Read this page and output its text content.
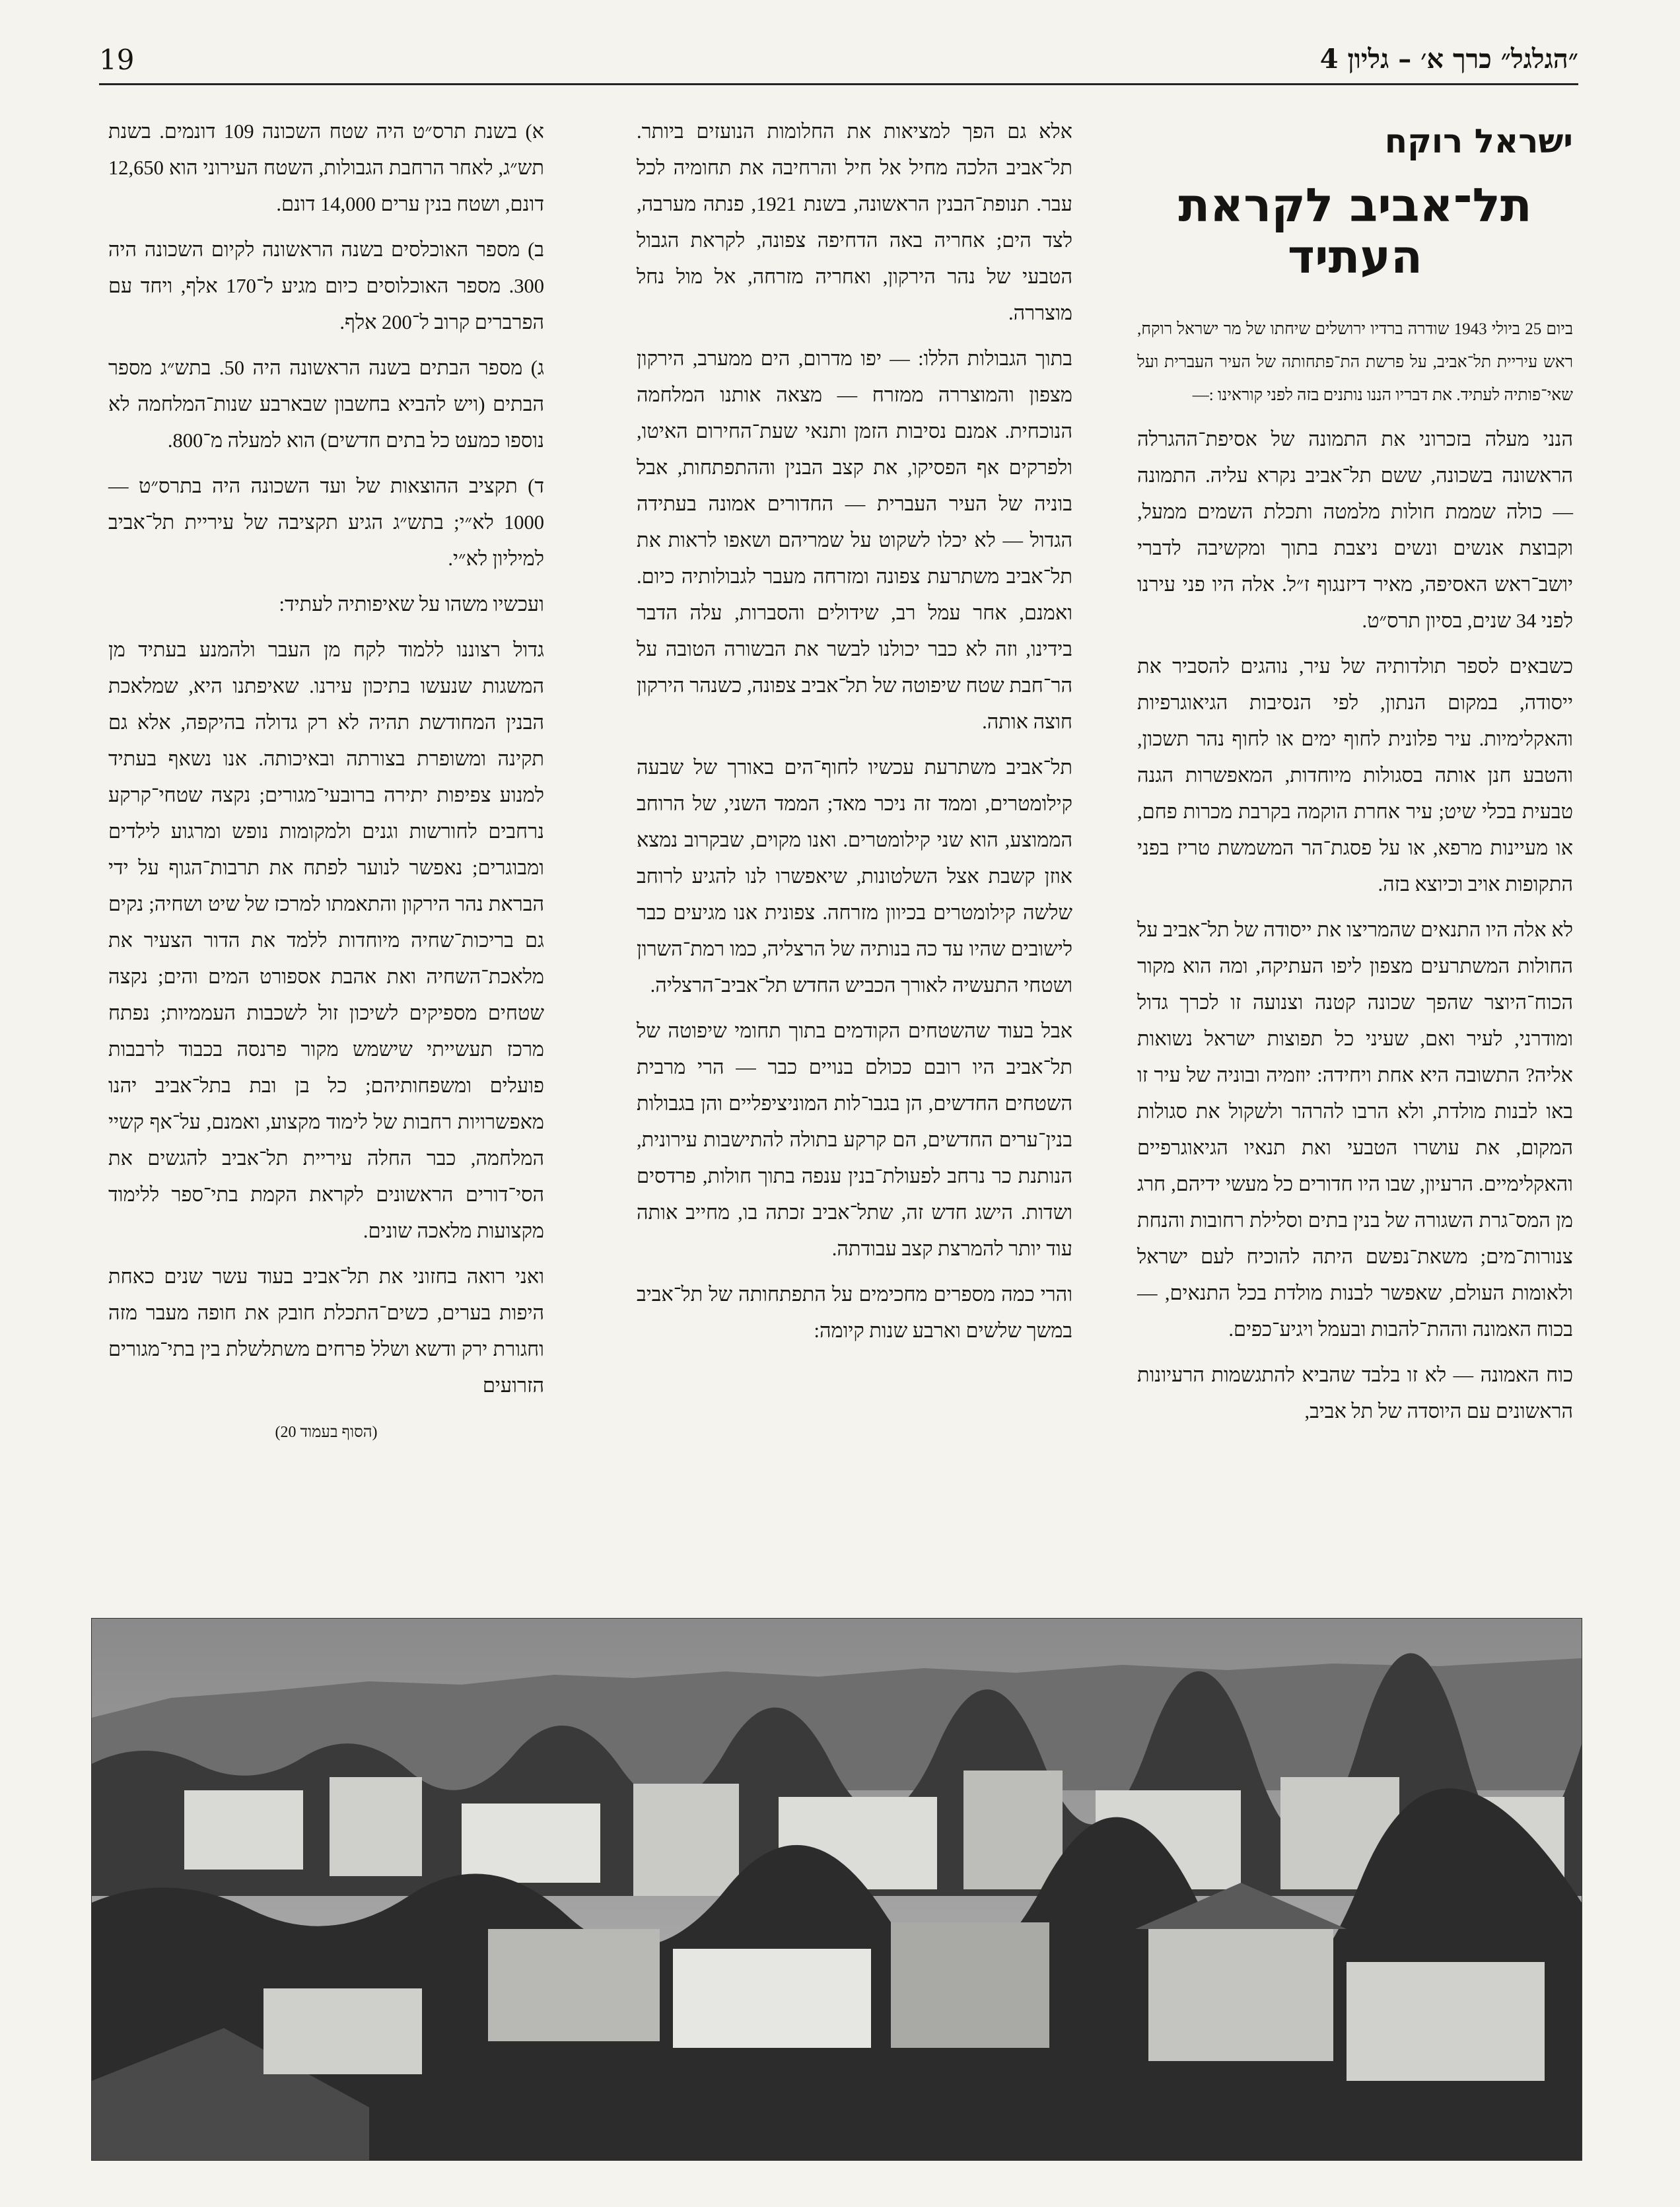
19	״הגלגל״ כרך א׳ – גליון 4
ישראל רוקח
תל־אביב לקראת העתיד

ביום 25 ביולי 1943 שודרה ברדיו ירושלים שיחתו של מר ישראל רוקח, ראש עיריית תל־אביב, על פרשת הת־פתחותה של העיר העברית ועל שאי־פותיה לעתיד. את דבריו הננו נותנים בזה לפני קוראינו :—

הנני מעלה בזכרוני את התמונה של אסיפת־ההגרלה הראשונה בשכונה, ששם תל־אביב נקרא עליה. התמונה — כולה שממת חולות מלמטה ותכלת השמים ממעל, וקבוצת אנשים ונשים ניצבת בתוך ומקשיבה לדברי יושב־ראש האסיפה, מאיר דיזנגוף ז״ל. אלה היו פני עירנו לפני 34 שנים, בסיון תרס״ט.

כשבאים לספר תולדותיה של עיר, נוהגים להסביר את ייסודה, במקום הנתון, לפי הנסיבות הגיאוגרפיות והאקלימיות. עיר פלונית לחוף ימים או לחוף נהר תשכון, והטבע חנן אותה בסגולות מיוחדות, המאפשרות הגנה טבעית בכלי שיט; עיר אחרת הוקמה בקרבת מכרות פחם, או מעיינות מרפא, או על פסגת־הר המשמשת טריז בפני התקופות אויב וכיוצא בזה.

לא אלה היו התנאים שהמריצו את ייסודה של תל־אביב על החולות המשתרעים מצפון ליפו העתיקה, ומה הוא מקור הכוח־היוצר שהפך שכונה קטנה וצנועה זו לכרך גדול ומודרני, לעיר ואם, שעיני כל תפוצות ישראל נשואות אליה? התשובה היא אחת ויחידה: יוזמיה ובוניה של עיר זו באו לבנות מולדת, ולא הרבו להרהר ולשקול את סגולות המקום, את עושרו הטבעי ואת תנאיו הגיאוגרפיים והאקלימיים. הרעיון, שבו היו חדורים כל מעשי ידיהם, חרג מן המס־גרת השגורה של בנין בתים וסלילת רחובות והנחת צנורות־מים; משאת־נפשם היתה להוכיח לעם ישראל ולאומות העולם, שאפשר לבנות מולדת בכל התנאים, — בכוח האמונה וההת־להבות ובעמל ויגיע־כפים.

כוח האמונה — לא זו בלבד שהביא להתגשמות הרעיונות הראשונים עם היוסדה של תל אביב,

אלא גם הפך למציאות את החלומות הנועזים ביותר. תל־אביב הלכה מחיל אל חיל והרחיבה את תחומיה לכל עבר. תנופת־הבנין הראשונה, בשנת 1921, פנתה מערבה, לצד הים; אחריה באה הדחיפה צפונה, לקראת הגבול הטבעי של נהר הירקון, ואחריה מזרחה, אל מול נחל מוצררה.

בתוך הגבולות הללו: — יפו מדרום, הים ממערב, הירקון מצפון והמוצררה ממזרח — מצאה אותנו המלחמה הנוכחית. אמנם נסיבות הזמן ותנאי שעת־החירום האיטו, ולפרקים אף הפסיקו, את קצב הבנין וההתפתחות, אבל בוניה של העיר העברית — החדורים אמונה בעתידה הגדול — לא יכלו לשקוט על שמריהם ושאפו לראות את תל־אביב משתרעת צפונה ומזרחה מעבר לגבולותיה כיום. ואמנם, אחר עמל רב, שידולים והסברות, עלה הדבר בידינו, וזה לא כבר יכולנו לבשר את הבשורה הטובה על הר־חבת שטח שיפוטה של תל־אביב צפונה, כשנהר הירקון חוצה אותה.

תל־אביב משתרעת עכשיו לחוף־הים באורך של שבעה קילומטרים, וממד זה ניכר מאד; הממד השני, של הרוחב הממוצע, הוא שני קילומטרים. ואנו מקוים, שבקרוב נמצא אוזן קשבת אצל השלטונות, שיאפשרו לנו להגיע לרוחב שלשה קילומטרים בכיוון מזרחה. צפונית אנו מגיעים כבר לישובים שהיו עד כה בנותיה של הרצליה, כמו רמת־השרון ושטחי התעשיה לאורך הכביש החדש תל־אביב־הרצליה.

אבל בעוד שהשטחים הקודמים בתוך תחומי שיפוטה של תל־אביב היו רובם ככולם בנויים כבר — הרי מרבית השטחים החדשים, הן בגבו־לות המוניציפליים והן בגבולות בנין־ערים החדשים, הם קרקע בתולה להתישבות עירונית, הנותנת כר נרחב לפעולת־בנין ענפה בתוך חולות, פרדסים ושדות. הישג חדש זה, שתל־אביב זכתה בו, מחייב אותה עוד יותר להמרצת קצב עבודתה.

והרי כמה מספרים מחכימים על התפתחותה של תל־אביב במשך שלשים וארבע שנות קיומה:

א) בשנת תרס״ט היה שטח השכונה 109 דונמים. בשנת תש״ג, לאחר הרחבת הגבולות, השטח העירוני הוא 12,650 דונם, ושטח בנין ערים 14,000 דונם.

ב) מספר האוכלסים בשנה הראשונה לקיום השכונה היה 300. מספר האוכלוסים כיום מגיע ל־170 אלף, ויחד עם הפרברים קרוב ל־200 אלף.

ג) מספר הבתים בשנה הראשונה היה 50. בתש״ג מספר הבתים (ויש להביא בחשבון שבארבע שנות־המלחמה לא נוספו כמעט כל בתים חדשים) הוא למעלה מ־800.

ד) תקציב ההוצאות של ועד השכונה היה בתרס״ט — 1000 לא״י; בתש״ג הגיע תקציבה של עיריית תל־אביב למיליון לא״י.

ועכשיו משהו על שאיפותיה לעתיד:

גדול רצוננו ללמוד לקח מן העבר ולהמנע בעתיד מן המשגות שנעשו בתיכון עירנו. שאיפתנו היא, שמלאכת הבנין המחודשת תהיה לא רק גדולה בהיקפה, אלא גם תקינה ומשופרת בצורתה ובאיכותה. אנו נשאף בעתיד למנוע צפיפות יתירה ברובעי־מגורים; נקצה שטחי־קרקע נרחבים לחורשות וגנים ולמקומות נופש ומרגוע לילדים ומבוגרים; נאפשר לנוער לפתח את תרבות־הגוף על ידי הבראת נהר הירקון והתאמתו למרכז של שיט ושחיה; נקים גם בריכות־שחיה מיוחדות ללמד את הדור הצעיר את מלאכת־השחיה ואת אהבת אספורט המים והים; נקצה שטחים מספיקים לשיכון זול לשכבות העממיות; נפתח מרכז תעשייתי שישמש מקור פרנסה בכבוד לרבבות פועלים ומשפחותיהם; כל בן ובת בתל־אביב יהנו מאפשרויות רחבות של לימוד מקצוע, ואמנם, על־אף קשיי המלחמה, כבר החלה עיריית תל־אביב להגשים את הסי־דורים הראשונים לקראת הקמת בתי־ספר ללימוד מקצועות מלאכה שונים.

ואני רואה בחזוני את תל־אביב בעוד עשר שנים כאחת היפות בערים, כשים־התכלת חובק את חופה מעבר מזה וחגורת ירק ודשא ושלל פרחים משתלשלת בין בתי־מגורים הזרועים

(הסוף בעמוד 20)
